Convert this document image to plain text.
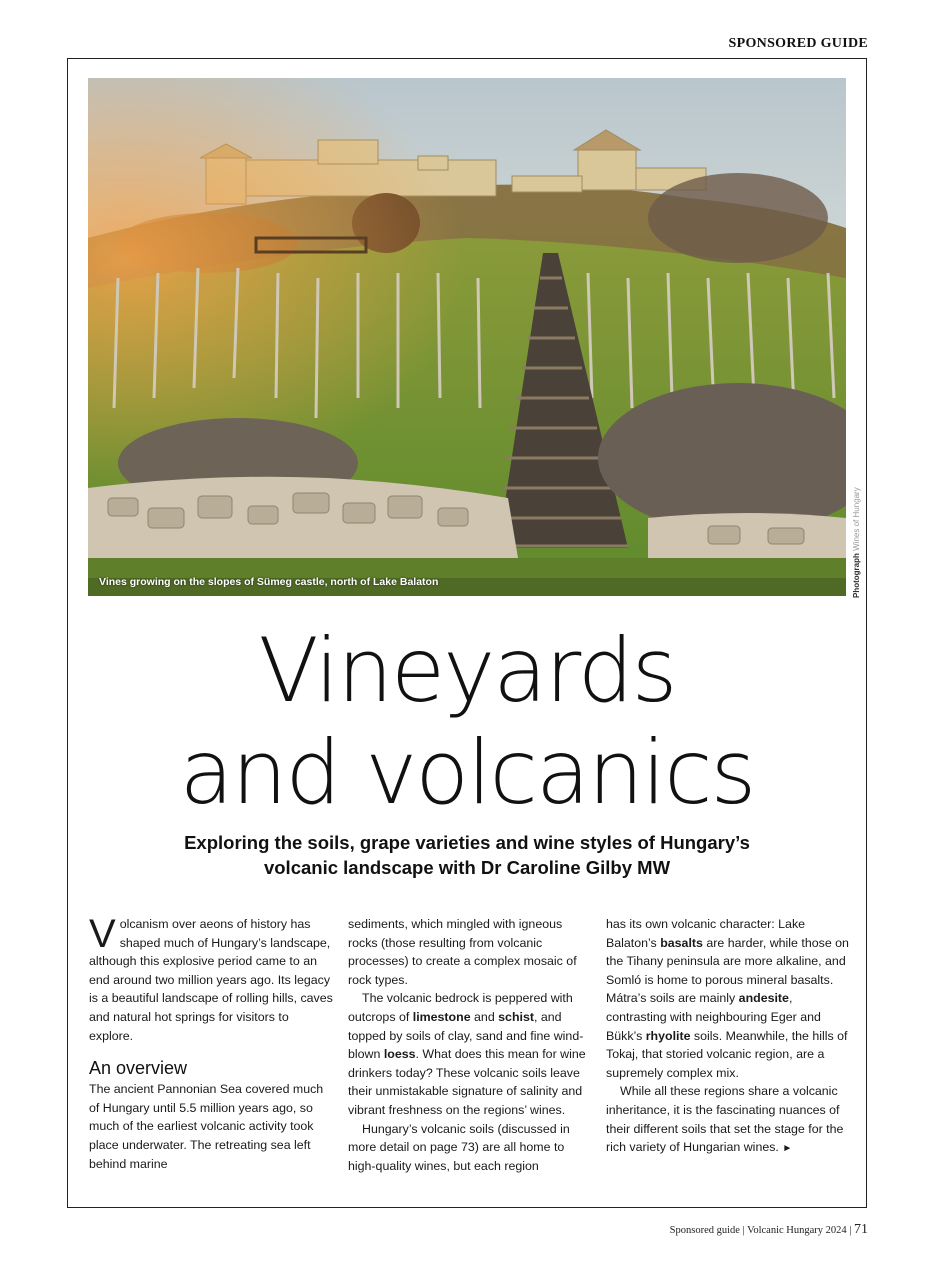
SPONSORED GUIDE
Vines growing on the slopes of Sümeg castle, north of Lake Balaton	Photograph Wines of Hungary
Vineyards
and volcanics
Exploring the soils, grape varieties and wine styles of Hungary’s
volcanic landscape with Dr Caroline Gilby MW

Volcanism over aeons of history has shaped much of Hungary’s landscape, although this explosive period came to an end around two million years ago. Its legacy is a beautiful landscape of rolling hills, caves and natural hot springs for visitors to explore.

An overview

The ancient Pannonian Sea covered much of Hungary until 5.5 million years ago, so much of the earliest volcanic activity took place underwater. The retreating sea left behind marine

sediments, which mingled with igneous rocks (those resulting from volcanic processes) to create a complex mosaic of rock types.

The volcanic bedrock is peppered with outcrops of limestone and schist, and topped by soils of clay, sand and fine wind-blown loess. What does this mean for wine drinkers today? These volcanic soils leave their unmistakable signature of salinity and vibrant freshness on the regions’ wines.

Hungary’s volcanic soils (discussed in more detail on page 73) are all home to high-quality wines, but each region

has its own volcanic character: Lake Balaton’s basalts are harder, while those on the Tihany peninsula are more alkaline, and Somló is home to porous mineral basalts. Mátra’s soils are mainly andesite, contrasting with neighbouring Eger and Bükk’s rhyolite soils. Meanwhile, the hills of Tokaj, that storied volcanic region, are a supremely complex mix.

While all these regions share a volcanic inheritance, it is the fascinating nuances of their different soils that set the stage for the rich variety of Hungarian wines. ►

Sponsored guide | Volcanic Hungary 2024 | 71
